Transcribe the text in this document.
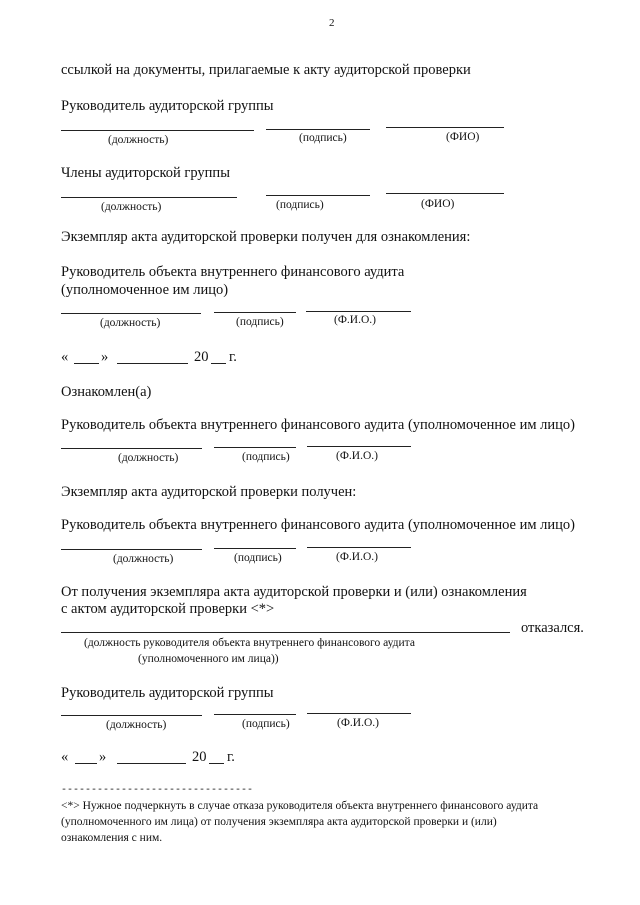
2
ссылкой на документы, прилагаемые к акту аудиторской проверки
Руководитель аудиторской группы
(должность)	(подпись)	(ФИО)
Члены аудиторской группы
(должность)	(подпись)	(ФИО)
Экземпляр акта аудиторской проверки получен для ознакомления:
Руководитель объекта внутреннего финансового аудита
(уполномоченное им лицо)
(должность)	(подпись)	(Ф.И.О.)
« »	20 г.
Ознакомлен(а)
Руководитель объекта внутреннего финансового аудита (уполномоченное им лицо)
(должность)	(подпись)	(Ф.И.О.)
Экземпляр акта аудиторской проверки получен:
Руководитель объекта внутреннего финансового аудита (уполномоченное им лицо)
(должность)	(подпись)	(Ф.И.О.)
От получения экземпляра акта аудиторской проверки и (или) ознакомления
с актом аудиторской проверки <*>
отказался.
(должность руководителя объекта внутреннего финансового аудита
(уполномоченного им лица))
Руководитель аудиторской группы
(должность)	(подпись)	(Ф.И.О.)
« »	20 г.
--------------------------------
<*> Нужное подчеркнуть в случае отказа руководителя объекта внутреннего финансового аудита
(уполномоченного им лица) от получения экземпляра акта аудиторской проверки и (или)
ознакомления с ним.
